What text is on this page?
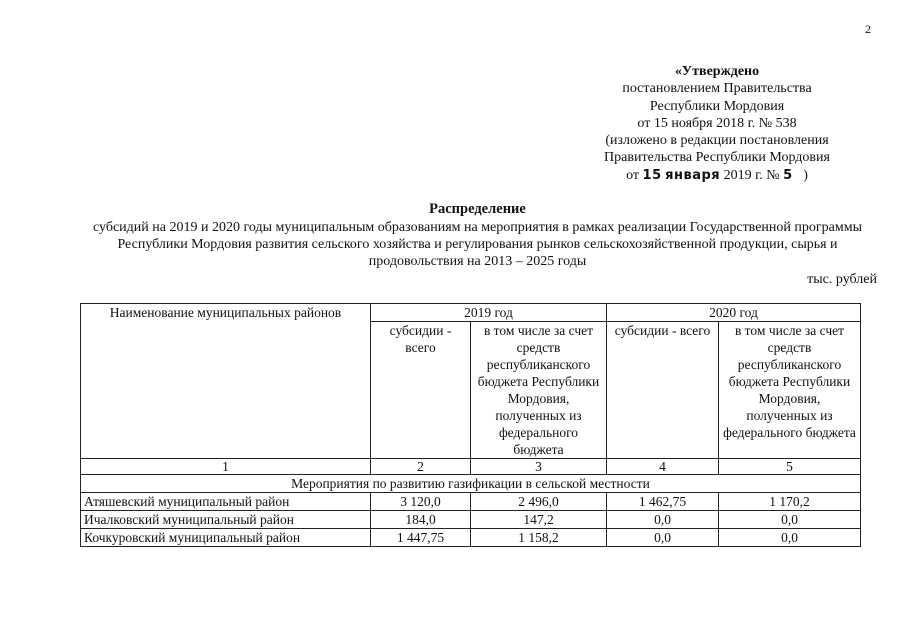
2
«Утверждено
постановлением Правительства
Республики Мордовия
от 15 ноября 2018 г. № 538
(изложено в редакции постановления
Правительства Республики Мордовия
от 15 января 2019 г. № 5 )
Распределение
субсидий на 2019 и 2020 годы муниципальным образованиям на мероприятия в рамках реализации Государственной программы Республики Мордовия развития сельского хозяйства и регулирования рынков сельскохозяйственной продукции, сырья и продовольствия на 2013 – 2025 годы
тыс. рублей
Наименование муниципальных районов	2019 год		2020 год	
	субсидии - всего	в том числе за счет средств республиканского бюджета Республики Мордовия, полученных из федерального бюджета	субсидии - всего	в том числе за счет средств республиканского бюджета Республики Мордовия, полученных из федерального бюджета
1	2	3	4	5
Мероприятия по развитию газификации в сельской местности				
Атяшевский муниципальный район	3 120,0	2 496,0	1 462,75	1 170,2
Ичалковский муниципальный район	184,0	147,2	0,0	0,0
Кочкуровский муниципальный район	1 447,75	1 158,2	0,0	0,0
